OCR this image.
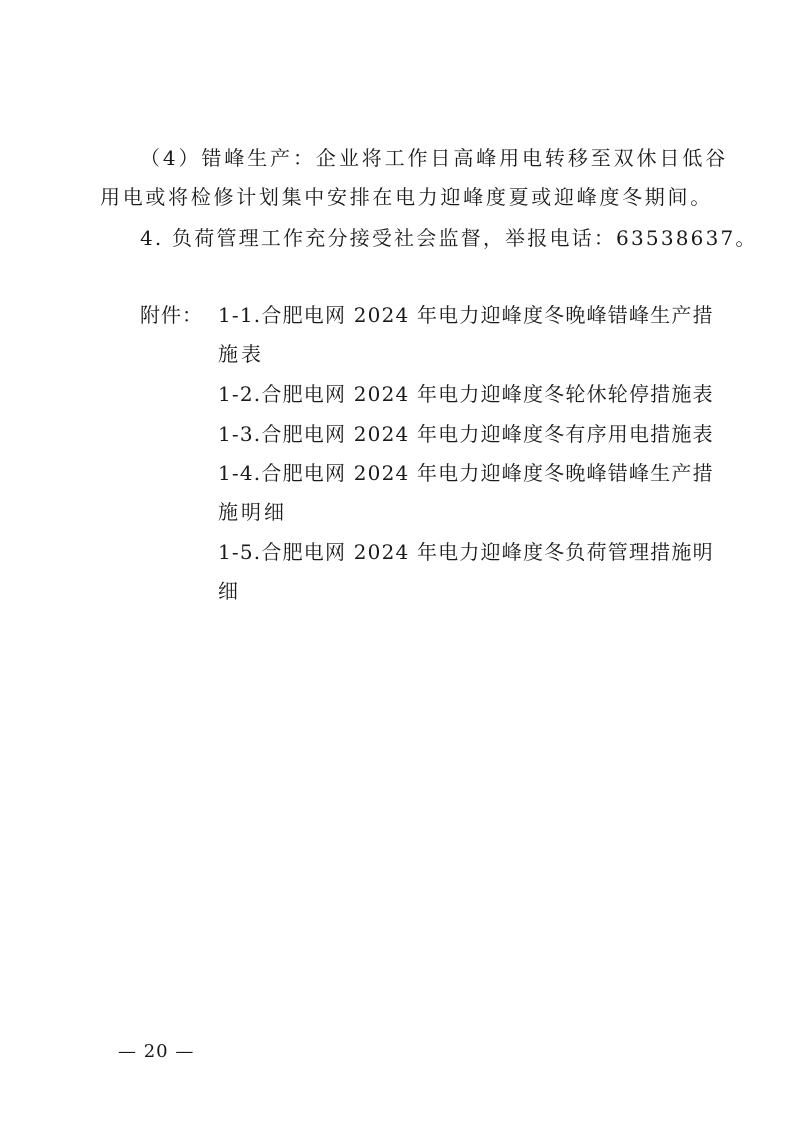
（4）错峰生产：企业将工作日高峰用电转移至双休日低谷
用电或将检修计划集中安排在电力迎峰度夏或迎峰度冬期间。
4. 负荷管理工作充分接受社会监督，举报电话：63538637。
附件： 1-1.合肥电网 2024 年电力迎峰度冬晚峰错峰生产措
施表
1-2.合肥电网 2024 年电力迎峰度冬轮休轮停措施表
1-3.合肥电网 2024 年电力迎峰度冬有序用电措施表
1-4.合肥电网 2024 年电力迎峰度冬晚峰错峰生产措
施明细
1-5.合肥电网 2024 年电力迎峰度冬负荷管理措施明
细
— 20 —
